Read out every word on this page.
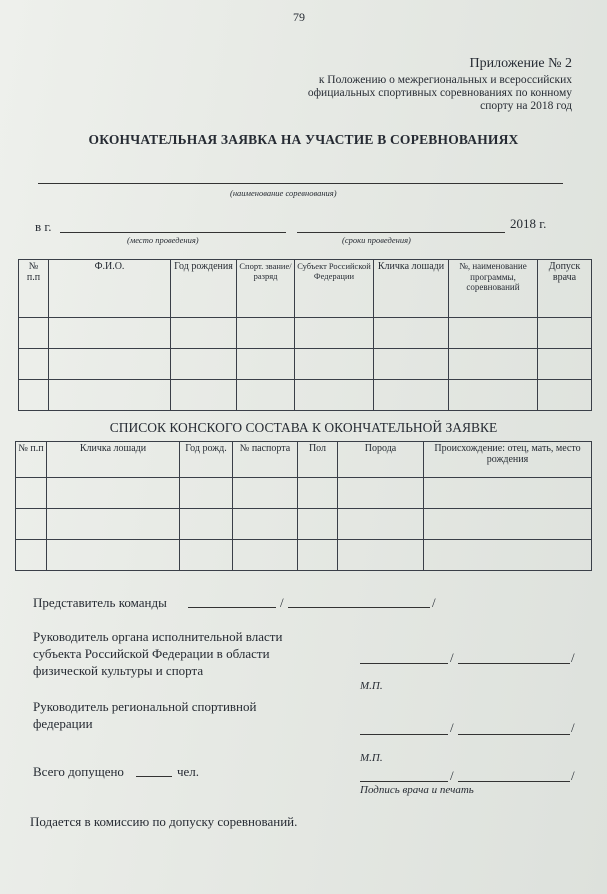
79
Приложение № 2
к Положению о межрегиональных и всероссийских
официальных спортивных соревнованиях по конному
спорту на 2018 год
ОКОНЧАТЕЛЬНАЯ ЗАЯВКА НА УЧАСТИЕ В СОРЕВНОВАНИЯХ
(наименование соревнования)
в г.	2018 г.
(место проведения)	(сроки проведения)
№ п.п	Ф.И.О.	Год рождения	Спорт. звание/ разряд	Субъект Российской Федерации	Кличка лошади	№, наименование программы, соревнований	Допуск врача

СПИСОК КОНСКОГО СОСТАВА К ОКОНЧАТЕЛЬНОЙ ЗАЯВКЕ
№ п.п	Кличка лошади	Год рожд.	№ паспорта	Пол	Порода	Происхождение: отец, мать, место рождения

Представитель команды	/	/
Руководитель органа исполнительной власти
субъекта Российской Федерации в области
физической культуры и спорта
/	/
М.П.
Руководитель региональной спортивной
федерации	/	/
М.П.
Всего допущено	чел.	/	/
Подпись врача и печать
Подается в комиссию по допуску соревнований.
